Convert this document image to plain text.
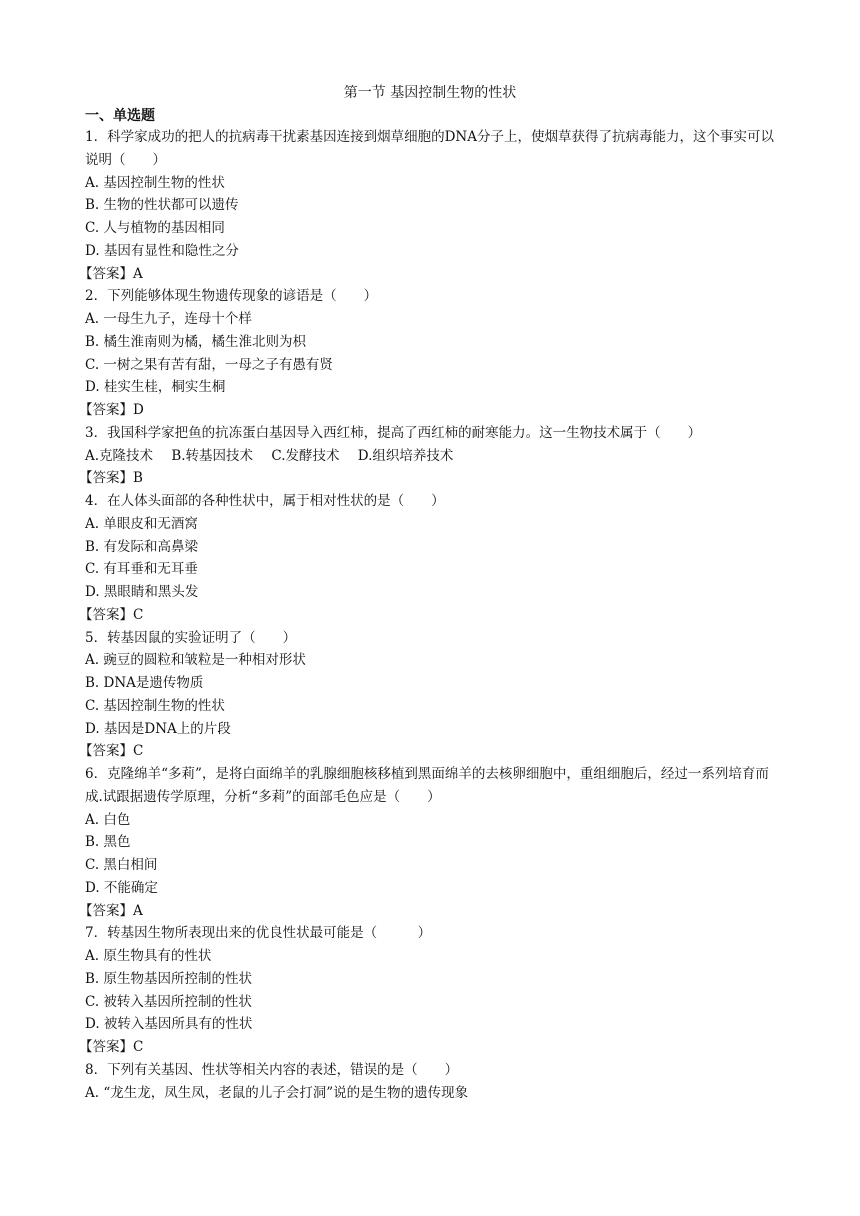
第一节 基因控制生物的性状
一、单选题
1．科学家成功的把人的抗病毒干扰素基因连接到烟草细胞的DNA分子上，使烟草获得了抗病毒能力，这个事实可以说明（　　）
A. 基因控制生物的性状
B. 生物的性状都可以遗传
C. 人与植物的基因相同
D. 基因有显性和隐性之分
【答案】A
2．下列能够体现生物遗传现象的谚语是（　　）
A. 一母生九子，连母十个样
B. 橘生淮南则为橘，橘生淮北则为枳
C. 一树之果有苦有甜，一母之子有愚有贤
D. 桂实生桂，桐实生桐
【答案】D
3．我国科学家把鱼的抗冻蛋白基因导入西红柿，提高了西红柿的耐寒能力。这一生物技术属于（　　）
A.克隆技术 B.转基因技术 C.发酵技术 D.组织培养技术
【答案】B
4．在人体头面部的各种性状中，属于相对性状的是（　　）
A. 单眼皮和无酒窝
B. 有发际和高鼻梁
C. 有耳垂和无耳垂
D. 黑眼睛和黑头发
【答案】C
5．转基因鼠的实验证明了（　　）
A. 豌豆的圆粒和皱粒是一种相对形状
B. DNA是遗传物质
C. 基因控制生物的性状
D. 基因是DNA上的片段
【答案】C
6．克隆绵羊“多莉”，是将白面绵羊的乳腺细胞核移植到黑面绵羊的去核卵细胞中，重组细胞后，经过一系列培育而成.试跟据遗传学原理，分析“多莉”的面部毛色应是（　　）
A. 白色
B. 黑色
C. 黑白相间
D. 不能确定
【答案】A
7．转基因生物所表现出来的优良性状最可能是（　　　）
A. 原生物具有的性状
B. 原生物基因所控制的性状
C. 被转入基因所控制的性状
D. 被转入基因所具有的性状
【答案】C
8．下列有关基因、性状等相关内容的表述，错误的是（　　）
A. “龙生龙，凤生凤，老鼠的儿子会打洞”说的是生物的遗传现象
